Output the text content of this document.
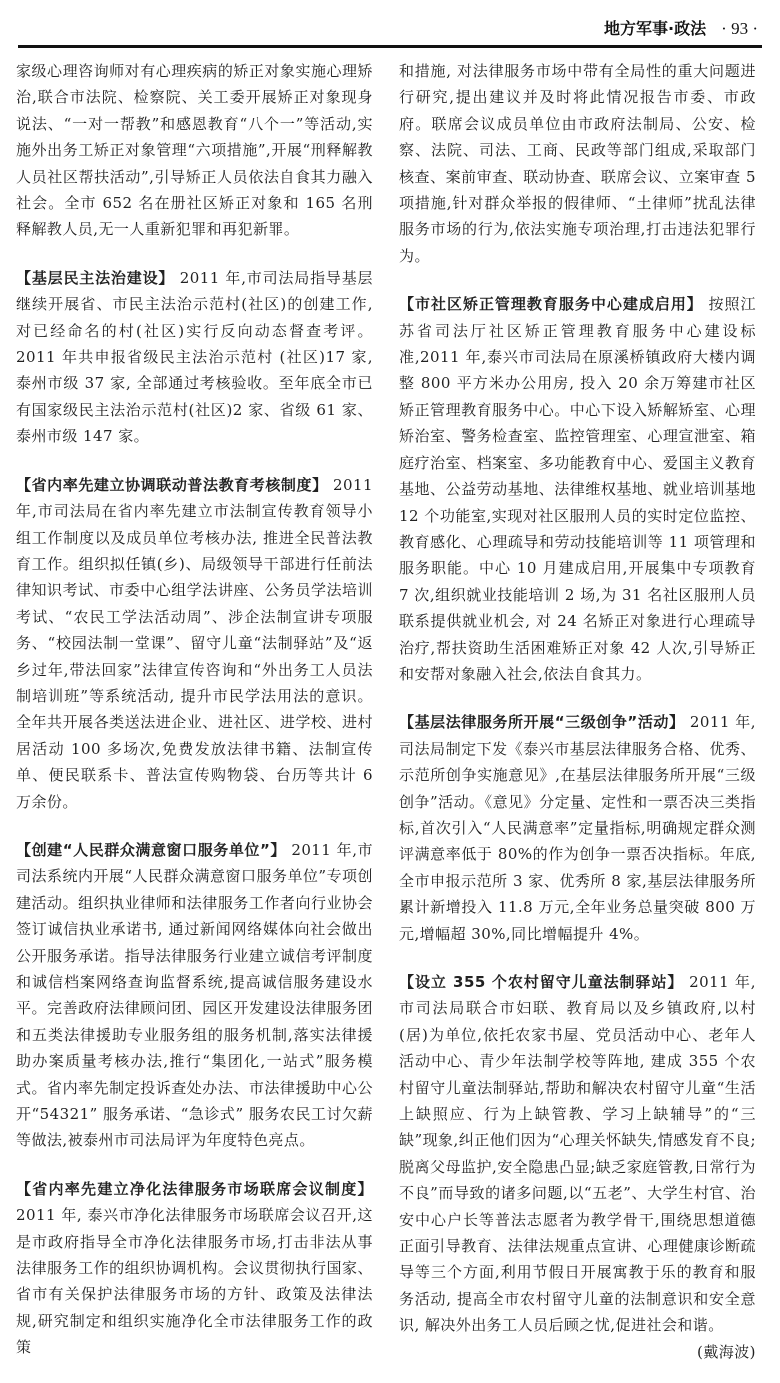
地方军事·政法 · 93 ·

家级心理咨询师对有心理疾病的矫正对象实施心理矫治,联合市法院、检察院、关工委开展矫正对象现身说法、“一对一帮教”和感恩教育“八个一”等活动,实施外出务工矫正对象管理“六项措施”,开展“刑释解教人员社区帮扶活动”,引导矫正人员依法自食其力融入社会。全市 652 名在册社区矫正对象和 165 名刑释解教人员,无一人重新犯罪和再犯新罪。

【基层民主法治建设】 2011 年,市司法局指导基层继续开展省、市民主法治示范村(社区)的创建工作,对已经命名的村(社区)实行反向动态督查考评。2011 年共申报省级民主法治示范村 (社区)17 家, 泰州市级 37 家, 全部通过考核验收。至年底全市已有国家级民主法治示范村(社区)2 家、省级 61 家、泰州市级 147 家。

【省内率先建立协调联动普法教育考核制度】 2011 年,市司法局在省内率先建立市法制宣传教育领导小组工作制度以及成员单位考核办法, 推进全民普法教育工作。组织拟任镇(乡)、局级领导干部进行任前法律知识考试、市委中心组学法讲座、公务员学法培训考试、“农民工学法活动周”、涉企法制宣讲专项服务、“校园法制一堂课”、留守儿童“法制驿站”及“返乡过年,带法回家”法律宣传咨询和“外出务工人员法制培训班”等系统活动, 提升市民学法用法的意识。全年共开展各类送法进企业、进社区、进学校、进村居活动 100 多场次,免费发放法律书籍、法制宣传单、便民联系卡、普法宣传购物袋、台历等共计 6 万余份。

【创建“人民群众满意窗口服务单位”】 2011 年,市司法系统内开展“人民群众满意窗口服务单位”专项创建活动。组织执业律师和法律服务工作者向行业协会签订诚信执业承诺书, 通过新闻网络媒体向社会做出公开服务承诺。指导法律服务行业建立诚信考评制度和诚信档案网络查询监督系统,提高诚信服务建设水平。完善政府法律顾问团、园区开发建设法律服务团和五类法律援助专业服务组的服务机制,落实法律援助办案质量考核办法,推行“集团化,一站式”服务模式。省内率先制定投诉查处办法、市法律援助中心公开“54321” 服务承诺、“急诊式” 服务农民工讨欠薪等做法,被泰州市司法局评为年度特色亮点。

【省内率先建立净化法律服务市场联席会议制度】2011 年, 泰兴市净化法律服务市场联席会议召开,这是市政府指导全市净化法律服务市场,打击非法从事法律服务工作的组织协调机构。会议贯彻执行国家、省市有关保护法律服务市场的方针、政策及法律法规,研究制定和组织实施净化全市法律服务工作的政策

和措施, 对法律服务市场中带有全局性的重大问题进行研究,提出建议并及时将此情况报告市委、市政府。联席会议成员单位由市政府法制局、公安、检察、法院、司法、工商、民政等部门组成,采取部门核查、案前审查、联动协查、联席会议、立案审查 5 项措施,针对群众举报的假律师、“土律师”扰乱法律服务市场的行为,依法实施专项治理,打击违法犯罪行为。

【市社区矫正管理教育服务中心建成启用】 按照江苏省司法厅社区矫正管理教育服务中心建设标准,2011 年,泰兴市司法局在原溪桥镇政府大楼内调整 800 平方米办公用房, 投入 20 余万筹建市社区矫正管理教育服务中心。中心下设入矫解矫室、心理矫治室、警务检查室、监控管理室、心理宣泄室、箱庭疗治室、档案室、多功能教育中心、爱国主义教育基地、公益劳动基地、法律维权基地、就业培训基地 12 个功能室,实现对社区服刑人员的实时定位监控、教育感化、心理疏导和劳动技能培训等 11 项管理和服务职能。中心 10 月建成启用,开展集中专项教育 7 次,组织就业技能培训 2 场,为 31 名社区服刑人员联系提供就业机会, 对 24 名矫正对象进行心理疏导治疗,帮扶资助生活困难矫正对象 42 人次,引导矫正和安帮对象融入社会,依法自食其力。

【基层法律服务所开展“三级创争”活动】 2011 年,司法局制定下发《泰兴市基层法律服务合格、优秀、示范所创争实施意见》,在基层法律服务所开展“三级创争”活动。《意见》分定量、定性和一票否决三类指标,首次引入“人民满意率”定量指标,明确规定群众测评满意率低于 80%的作为创争一票否决指标。年底,全市申报示范所 3 家、优秀所 8 家,基层法律服务所累计新增投入 11.8 万元,全年业务总量突破 800 万元,增幅超 30%,同比增幅提升 4%。

【设立 355 个农村留守儿童法制驿站】 2011 年,市司法局联合市妇联、教育局以及乡镇政府,以村(居)为单位,依托农家书屋、党员活动中心、老年人活动中心、青少年法制学校等阵地, 建成 355 个农村留守儿童法制驿站,帮助和解决农村留守儿童“生活上缺照应、行为上缺管教、学习上缺辅导”的“三缺”现象,纠正他们因为“心理关怀缺失,情感发育不良;脱离父母监护,安全隐患凸显;缺乏家庭管教,日常行为不良”而导致的诸多问题,以“五老”、大学生村官、治安中心户长等普法志愿者为教学骨干,围绕思想道德正面引导教育、法律法规重点宣讲、心理健康诊断疏导等三个方面,利用节假日开展寓教于乐的教育和服务活动, 提高全市农村留守儿童的法制意识和安全意识, 解决外出务工人员后顾之忧,促进社会和谐。
(戴海波)
